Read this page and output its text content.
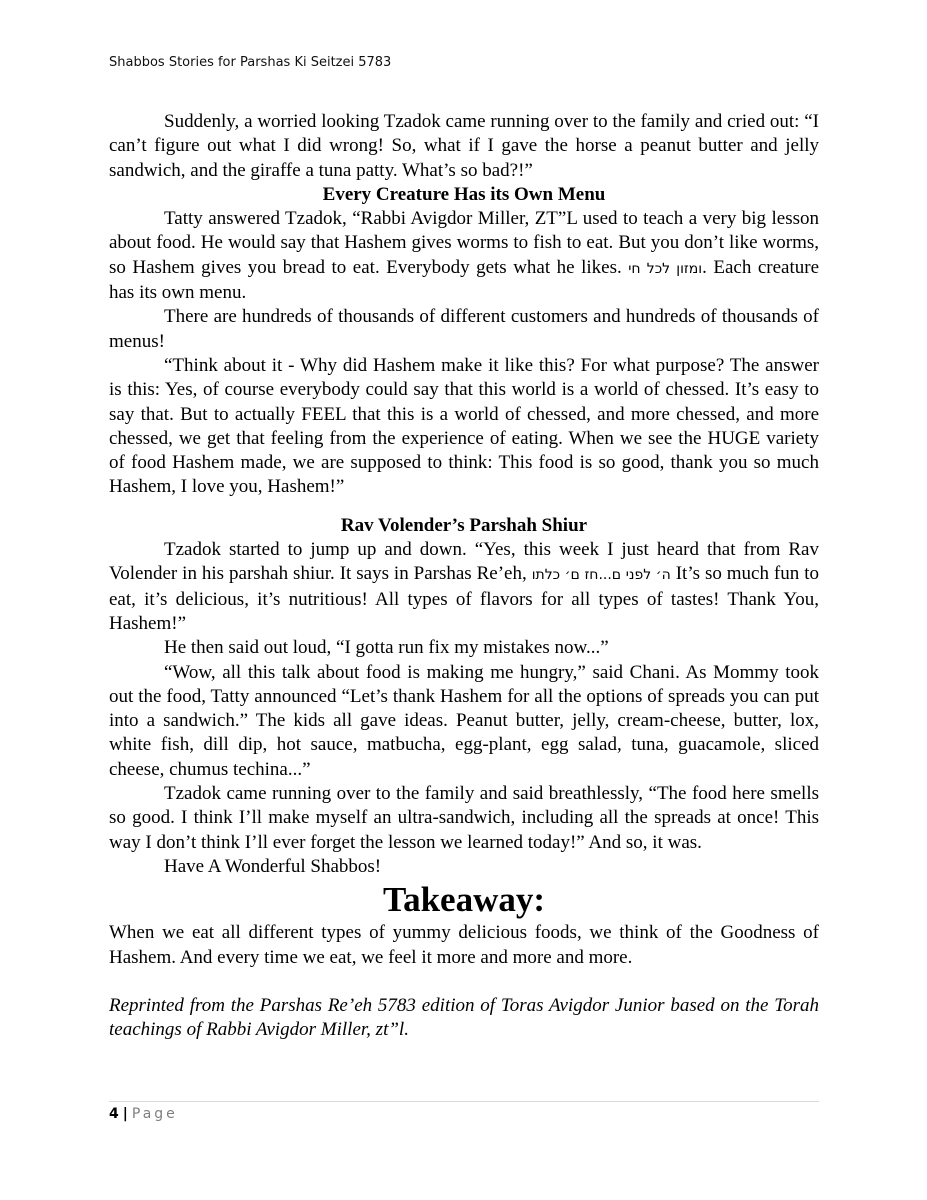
Shabbos Stories for Parshas Ki Seitzei 5783

Suddenly, a worried looking Tzadok came running over to the family and cried out: “I can’t figure out what I did wrong! So, what if I gave the horse a peanut butter and jelly sandwich, and the giraffe a tuna patty. What’s so bad?!”

Every Creature Has its Own Menu

Tatty answered Tzadok, “Rabbi Avigdor Miller, ZT”L used to teach a very big lesson about food. He would say that Hashem gives worms to fish to eat. But you don’t like worms, so Hashem gives you bread to eat. Everybody gets what he likes. ומזון לכל חי. Each creature has its own menu.

There are hundreds of thousands of different customers and hundreds of thousands of menus!

“Think about it - Why did Hashem make it like this? For what purpose? The answer is this: Yes, of course everybody could say that this world is a world of chessed. It’s easy to say that. But to actually FEEL that this is a world of chessed, and more chessed, and more chessed, we get that feeling from the experience of eating. When we see the HUGE variety of food Hashem made, we are supposed to think: This food is so good, thank you so much Hashem, I love you, Hashem!”

Rav Volender’s Parshah Shiur

Tzadok started to jump up and down. “Yes, this week I just heard that from Rav Volender in his parshah shiur. It says in Parshas Re’eh, ה׳ לפני ם...חז ם׳ כלתו It’s so much fun to eat, it’s delicious, it’s nutritious! All types of flavors for all types of tastes! Thank You, Hashem!”

He then said out loud, “I gotta run fix my mistakes now...”

“Wow, all this talk about food is making me hungry,” said Chani. As Mommy took out the food, Tatty announced “Let’s thank Hashem for all the options of spreads you can put into a sandwich.” The kids all gave ideas. Peanut butter, jelly, cream-cheese, butter, lox, white fish, dill dip, hot sauce, matbucha, egg-plant, egg salad, tuna, guacamole, sliced cheese, chumus techina...”

Tzadok came running over to the family and said breathlessly, “The food here smells so good. I think I’ll make myself an ultra-sandwich, including all the spreads at once! This way I don’t think I’ll ever forget the lesson we learned today!” And so, it was.

Have A Wonderful Shabbos!

Takeaway:

When we eat all different types of yummy delicious foods, we think of the Goodness of Hashem. And every time we eat, we feel it more and more and more.

Reprinted from the Parshas Re’eh 5783 edition of Toras Avigdor Junior based on the Torah teachings of Rabbi Avigdor Miller, zt”l.

4 | Page
